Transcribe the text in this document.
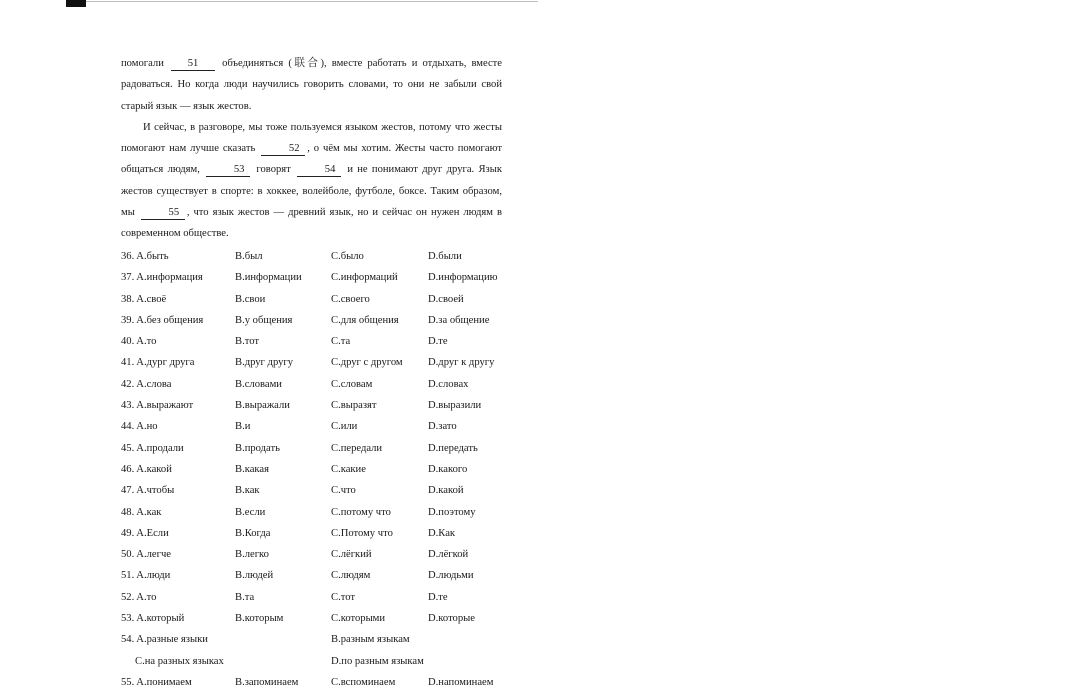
помогали 51 объединяться (联合), вместе работать и отдыхать, вместе радоваться. Но когда люди научились говорить словами, то они не забыли свой старый язык — язык жестов.

И сейчас, в разговоре, мы тоже пользуемся языком жестов, потому что жесты помогают нам лучше сказать	52 , о чём мы хотим. Жесты часто помогают общаться людям,	53 говорят	54 и не понимают друг друга. Язык жестов существует в спорте: в хоккее, волейболе, футболе, боксе. Таким образом, мы	55 , что язык жестов — древний язык, но и сейчас он нужен людям в современном обществе.

36. A.быть	B.был	C.было	D.были
37. A.информация	B.информации	C.информаций	D.информацию
38. A.своё	B.свои	C.своего	D.своей
39. A.без общения	B.у общения	C.для общения	D.за общение
40. A.то	B.тот	C.та	D.те
41. A.дург друга	B.друг другу	C.друг с другом D.друг к другу
42. A.слова	B.словами	C.словам	D.словах
43. A.выражают	B.выражали	C.выразят	D.выразили
44. A.но	B.и	C.или	D.зато
45. A.продали	B.продать	C.передали	D.передать
46. A.какой	B.какая	C.какие	D.какого
47. A.чтобы	B.как	C.что	D.какой
48. A.как	B.если	C.потому что	D.поэтому
49. A.Если	B.Когда	C.Потому что	D.Как
50. A.легче	B.легко	C.лёгкий	D.лёгкой
51. A.люди	B.людей	C.людям	D.людьми
52. A.то	B.та	C.тот	D.те
53. A.который	B.которым	C.которыми	D.которые
54. A.разные языки	B.разным языкам
C.на разных языках	D.по разным языкам
55. A.понимаем	B.запоминаем	C.вспоминаем	D.напоминаем
